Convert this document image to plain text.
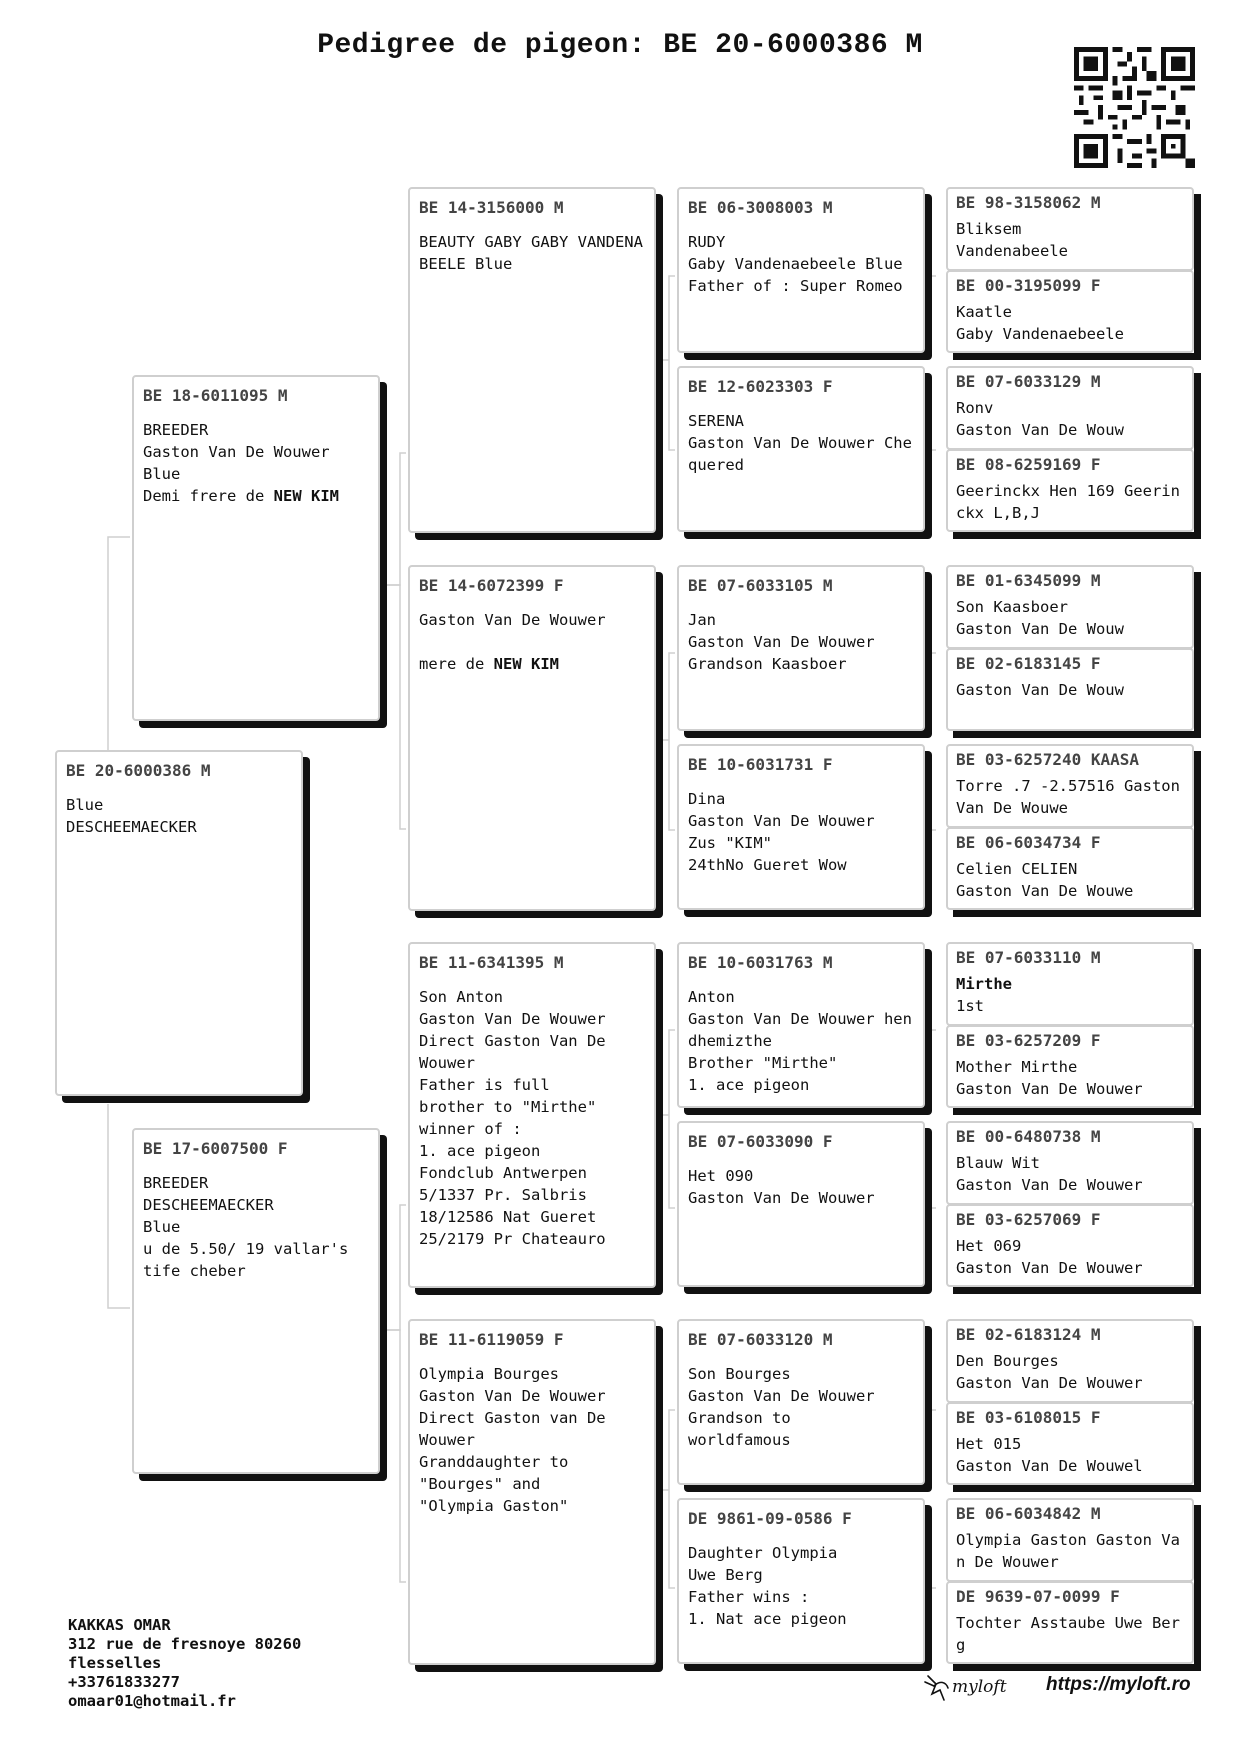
Pedigree de pigeon: BE 20-6000386 M
BE 20-6000386 M
Blue
DESCHEEMAECKER
BE 18-6011095 M
BREEDER
Gaston Van De Wouwer
Blue
Demi frere de NEW KIM
BE 17-6007500 F
BREEDER
DESCHEEMAECKER
Blue
u de 5.50/ 19 vallar's
tife cheber
BE 14-3156000 M
BEAUTY GABY GABY VANDENA
BEELE Blue
BE 14-6072399 F
Gaston Van De Wouwer

mere de NEW KIM
BE 11-6341395 M
Son Anton
Gaston Van De Wouwer
Direct Gaston Van De
Wouwer
Father is full
brother to "Mirthe"
winner of :
1. ace pigeon
Fondclub Antwerpen
5/1337 Pr. Salbris
18/12586 Nat Gueret
25/2179 Pr Chateauro
BE 11-6119059 F
Olympia Bourges
Gaston Van De Wouwer
Direct Gaston van De
Wouwer
Granddaughter to
"Bourges" and
"Olympia Gaston"
BE 06-3008003 M
RUDY
Gaby Vandenaebeele Blue
Father of : Super Romeo
BE 12-6023303 F
SERENA
Gaston Van De Wouwer Che
quered
BE 07-6033105 M
Jan
Gaston Van De Wouwer
Grandson Kaasboer
BE 10-6031731 F
Dina
Gaston Van De Wouwer
Zus "KIM"
24thNo Gueret Wow
BE 10-6031763 M
Anton
Gaston Van De Wouwer hen
dhemizthe
Brother "Mirthe"
1. ace pigeon
BE 07-6033090 F
Het 090
Gaston Van De Wouwer
BE 07-6033120 M
Son Bourges
Gaston Van De Wouwer
Grandson to
worldfamous
DE 9861-09-0586 F
Daughter Olympia
Uwe Berg
Father wins :
1. Nat ace pigeon
BE 98-3158062 M
Bliksem
Vandenabeele
BE 00-3195099 F
Kaatle
Gaby Vandenaebeele
BE 07-6033129 M
Ronv
Gaston Van De Wouw
BE 08-6259169 F
Geerinckx Hen 169 Geerin
ckx L,B,J
BE 01-6345099 M
Son Kaasboer
Gaston Van De Wouw
BE 02-6183145 F
Gaston Van De Wouw
BE 03-6257240 KAASA
Torre .7 -2.57516 Gaston
Van De Wouwe
BE 06-6034734 F
Celien CELIEN
Gaston Van De Wouwe
BE 07-6033110 M
Mirthe
1st
BE 03-6257209 F
Mother Mirthe
Gaston Van De Wouwer
BE 00-6480738 M
Blauw Wit
Gaston Van De Wouwer
BE 03-6257069 F
Het 069
Gaston Van De Wouwer
BE 02-6183124 M
Den Bourges
Gaston Van De Wouwer
BE 03-6108015 F
Het 015
Gaston Van De Wouwel
BE 06-6034842 M
Olympia Gaston Gaston Va
n De Wouwer
DE 9639-07-0099 F
Tochter Asstaube Uwe Ber
g
KAKKAS OMAR
312 rue de fresnoye 80260
flesselles
+33761833277
omaar01@hotmail.fr
myloft https://myloft.ro
